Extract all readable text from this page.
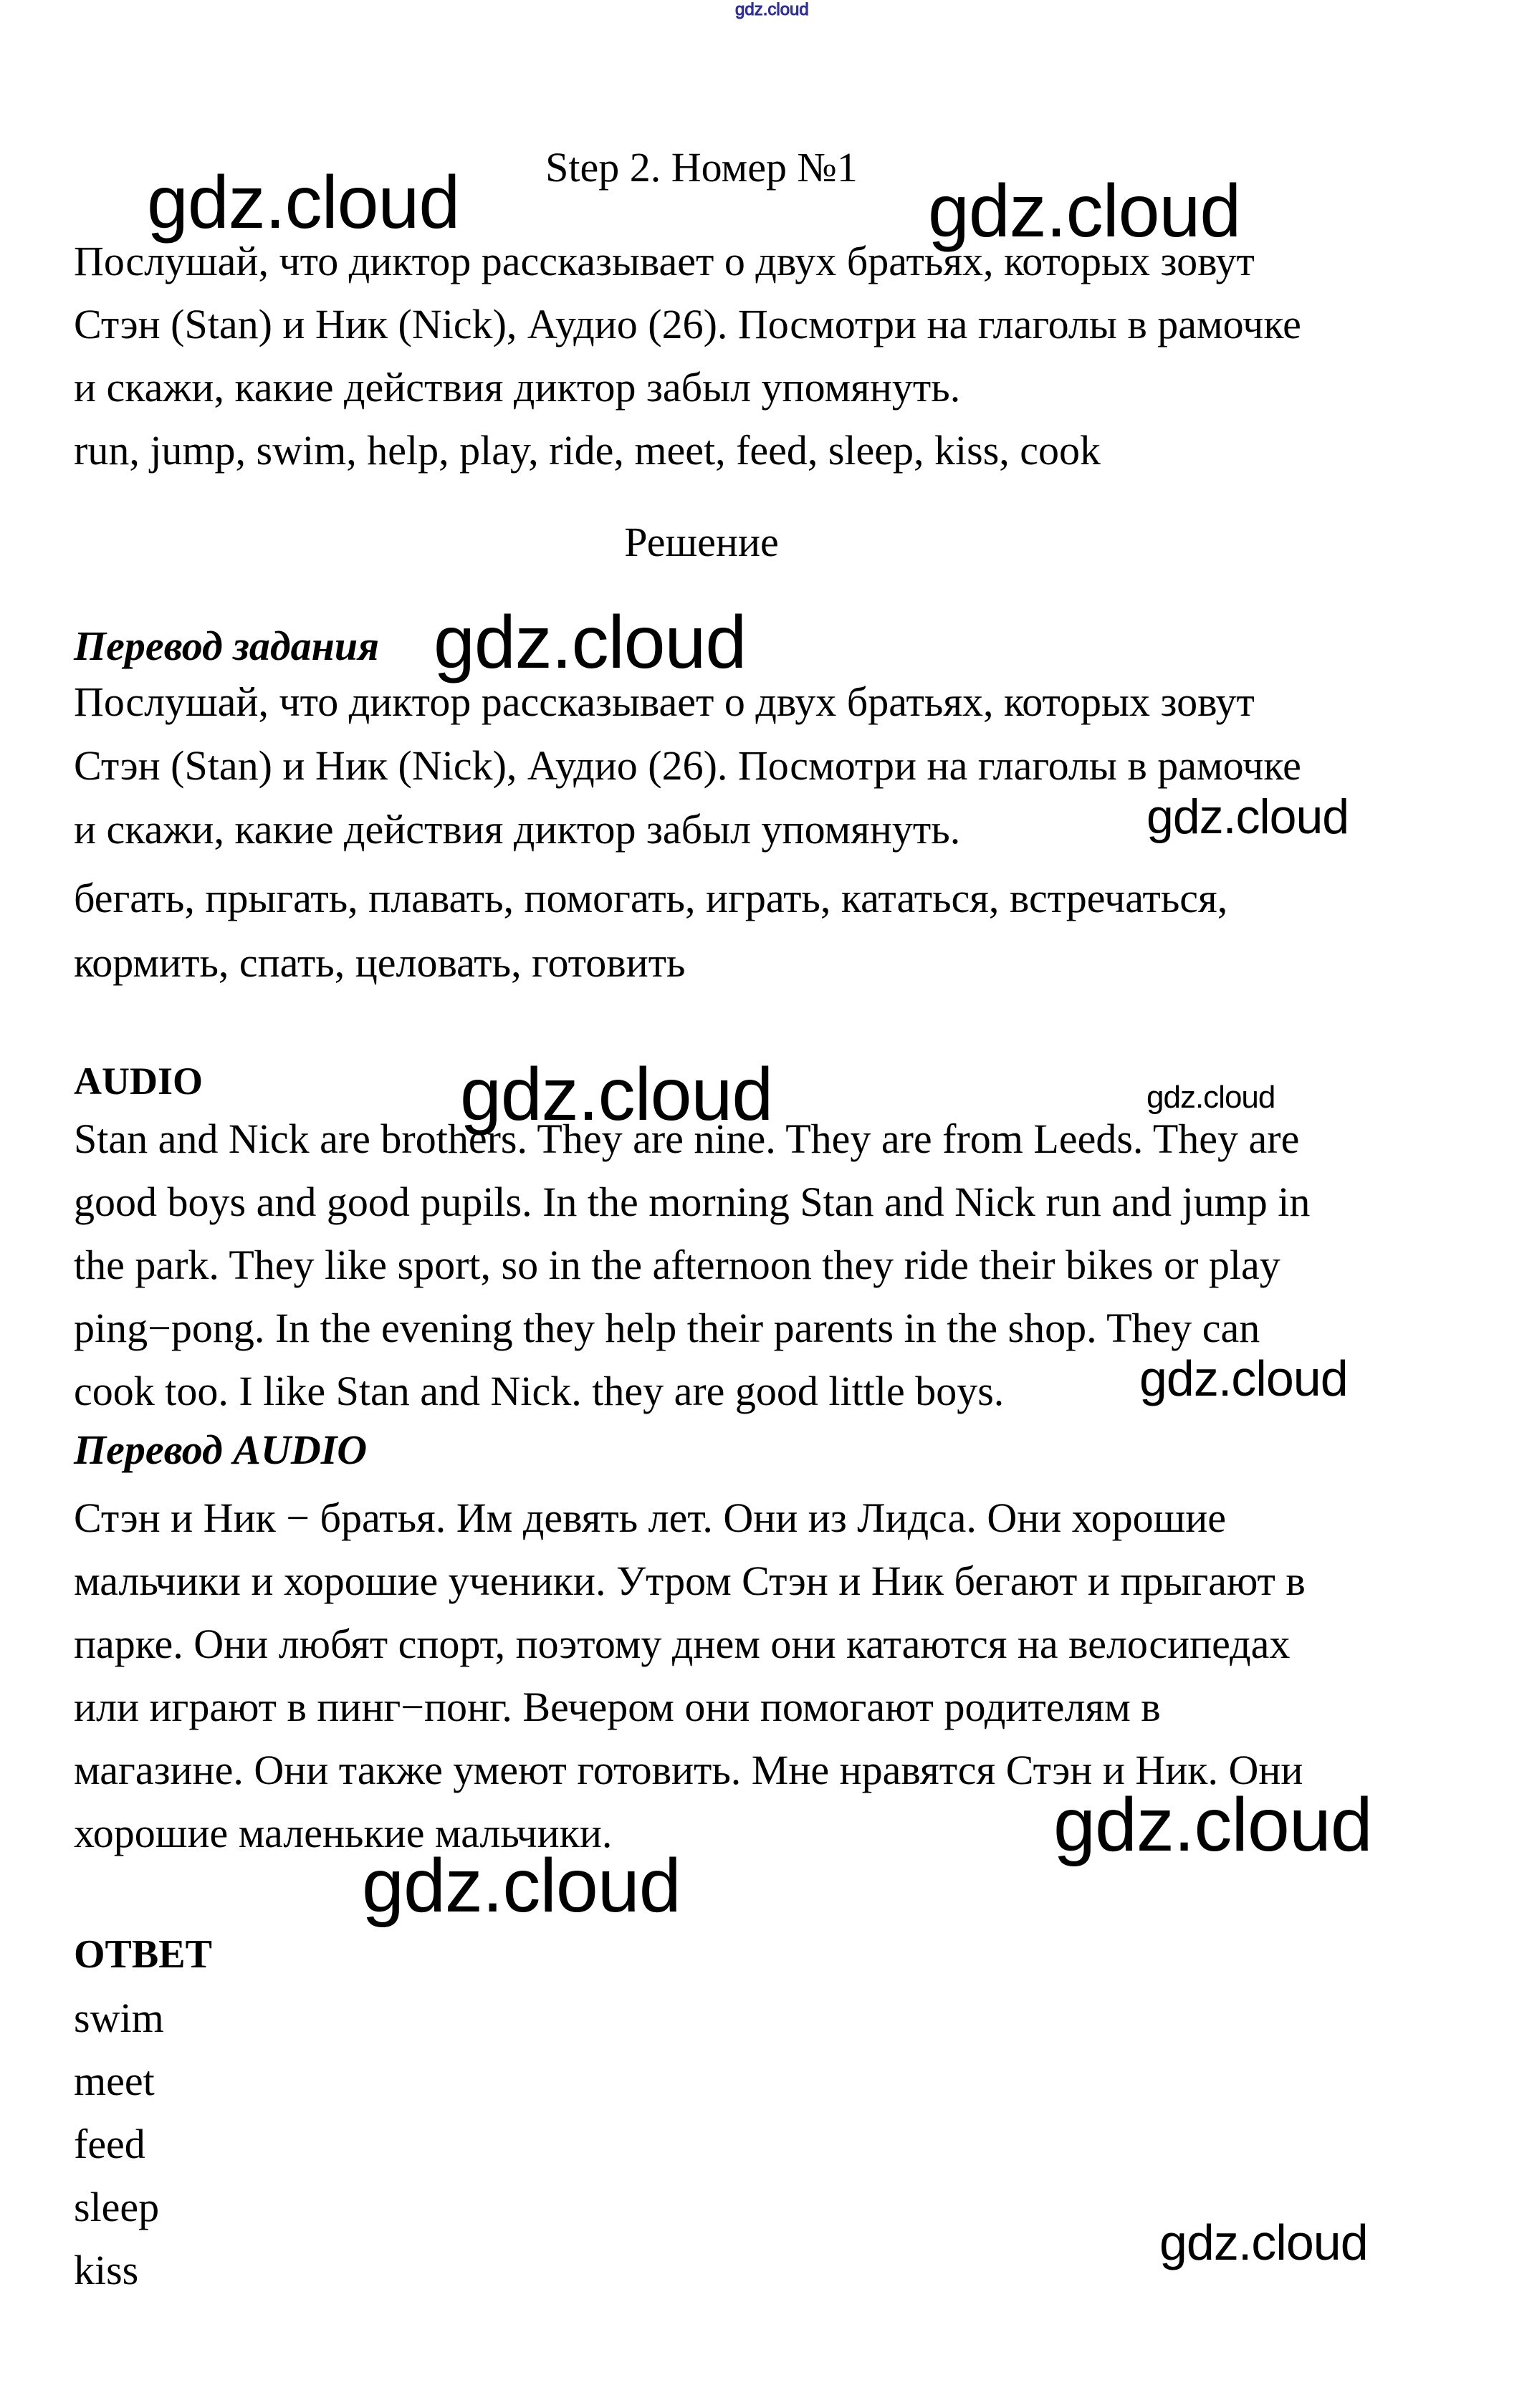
gdz.cloud
gdz.cloud	gdz.cloud
gdz.cloud
gdz.cloud
gdz.cloud	gdz.cloud
gdz.cloud
gdz.cloud
gdz.cloud
gdz.cloud
Step 2. Номер №1
Послушай, что диктор рассказывает о двух братьях, которых зовут
Стэн (Stan) и Ник (Nick), Аудио (26). Посмотри на глаголы в рамочке
и скажи, какие действия диктор забыл упомянуть.
run, jump, swim, help, play, ride, meet, feed, sleep, kiss, cook
Решение
Перевод задания
Послушай, что диктор рассказывает о двух братьях, которых зовут
Стэн (Stan) и Ник (Nick), Аудио (26). Посмотри на глаголы в рамочке
и скажи, какие действия диктор забыл упомянуть.
бегать, прыгать, плавать, помогать, играть, кататься, встречаться,
кормить, спать, целовать, готовить
AUDIO
Stan and Nick are brothers. They are nine. They are from Leeds. They are
good boys and good pupils. In the morning Stan and Nick run and jump in
the park. They like sport, so in the afternoon they ride their bikes or play
ping−pong. In the evening they help their parents in the shop. They can
cook too. I like Stan and Nick. they are good little boys.
Перевод AUDIO
Стэн и Ник − братья. Им девять лет. Они из Лидса. Они хорошие
мальчики и хорошие ученики. Утром Стэн и Ник бегают и прыгают в
парке. Они любят спорт, поэтому днем они катаются на велосипедах
или играют в пинг−понг. Вечером они помогают родителям в
магазине. Они также умеют готовить. Мне нравятся Стэн и Ник. Они
хорошие маленькие мальчики.
ОТВЕТ
swim
meet
feed
sleep
kiss
